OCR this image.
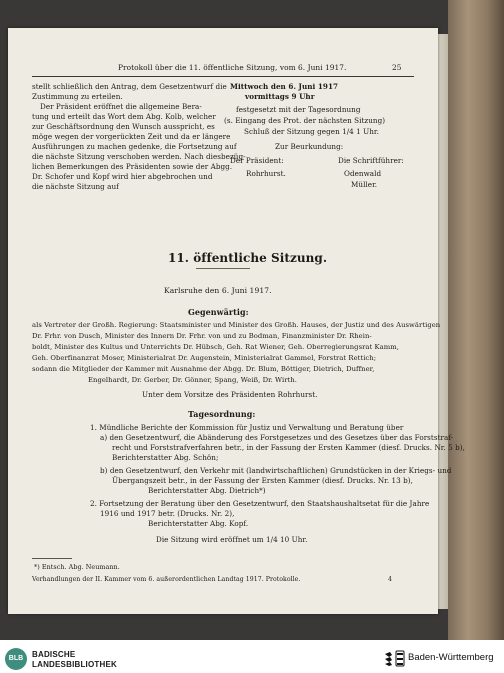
Protokoll über die 11. öffentliche Sitzung, vom 6. Juni 1917.	25
stellt schließlich den Antrag, dem Gesetzentwurf die
Zustimmung zu erteilen.
Der Präsident eröffnet die allgemeine Bera-
tung und erteilt das Wort dem Abg. Kolb, welcher
zur Geschäftsordnung den Wunsch ausspricht, es
möge wegen der vorgerückten Zeit und da er längere
Ausführungen zu machen gedenke, die Fortsetzung auf
die nächste Sitzung verschoben werden. Nach diesbezüg-
lichen Bemerkungen des Präsidenten sowie der Abgg.
Dr. Schofer und Kopf wird hier abgebrochen und
die nächste Sitzung auf
Mittwoch den 6. Juni 1917
vormittags 9 Uhr
festgesetzt mit der Tagesordnung
(s. Eingang des Prot. der nächsten Sitzung)
Schluß der Sitzung gegen 1/4 1 Uhr.
Zur Beurkundung:
Der Präsident:	Die Schriftführer:
Rohrhurst.	Odenwald
Müller.
11. öffentliche Sitzung.
Karlsruhe den 6. Juni 1917.
Gegenwärtig:
als Vertreter der Großh. Regierung: Staatsminister und Minister des Großh. Hauses, der Justiz und des Auswärtigen
Dr. Frhr. von Dusch, Minister des Innern Dr. Frhr. von und zu Bodman, Finanzminister Dr. Rhein-
boldt, Minister des Kultus und Unterrichts Dr. Hübsch, Geh. Rat Wiener, Geh. Oberregierungsrat Kamm,
Geh. Oberfinanzrat Moser, Ministerialrat Dr. Augenstein, Ministerialrat Gammel, Forstrat Rettich;
sodann die Mitglieder der Kammer mit Ausnahme der Abgg. Dr. Blum, Böttiger, Dietrich, Duffner,
Engelhardt, Dr. Gerber, Dr. Gönner, Spang, Weiß, Dr. Wirth.
Unter dem Vorsitze des Präsidenten Rohrhurst.
Tagesordnung:
1. Mündliche Berichte der Kommission für Justiz und Verwaltung und Beratung über
a) den Gesetzentwurf, die Abänderung des Forstgesetzes und des Gesetzes über das Forststraf-
recht und Forststrafverfahren betr., in der Fassung der Ersten Kammer (diesf. Drucks. Nr. 5 b),
Berichterstatter Abg. Schön;
b) den Gesetzentwurf, den Verkehr mit (landwirtschaftlichen) Grundstücken in der Kriegs- und
Übergangszeit betr., in der Fassung der Ersten Kammer (diesf. Drucks. Nr. 13 b),
Berichterstatter Abg. Dietrich*)
2. Fortsetzung der Beratung über den Gesetzentwurf, den Staatshaushaltsetat für die Jahre
1916 und 1917 betr. (Drucks. Nr. 2),
Berichterstatter Abg. Kopf.
Die Sitzung wird eröffnet um 1/4 10 Uhr.
*) Entsch. Abg. Neumann.
Verhandlungen der II. Kammer vom 6. außerordentlichen Landtag 1917. Protokolle.	4
BLB	BADISCHE
LANDESBIBLIOTHEK
Baden-Württemberg
